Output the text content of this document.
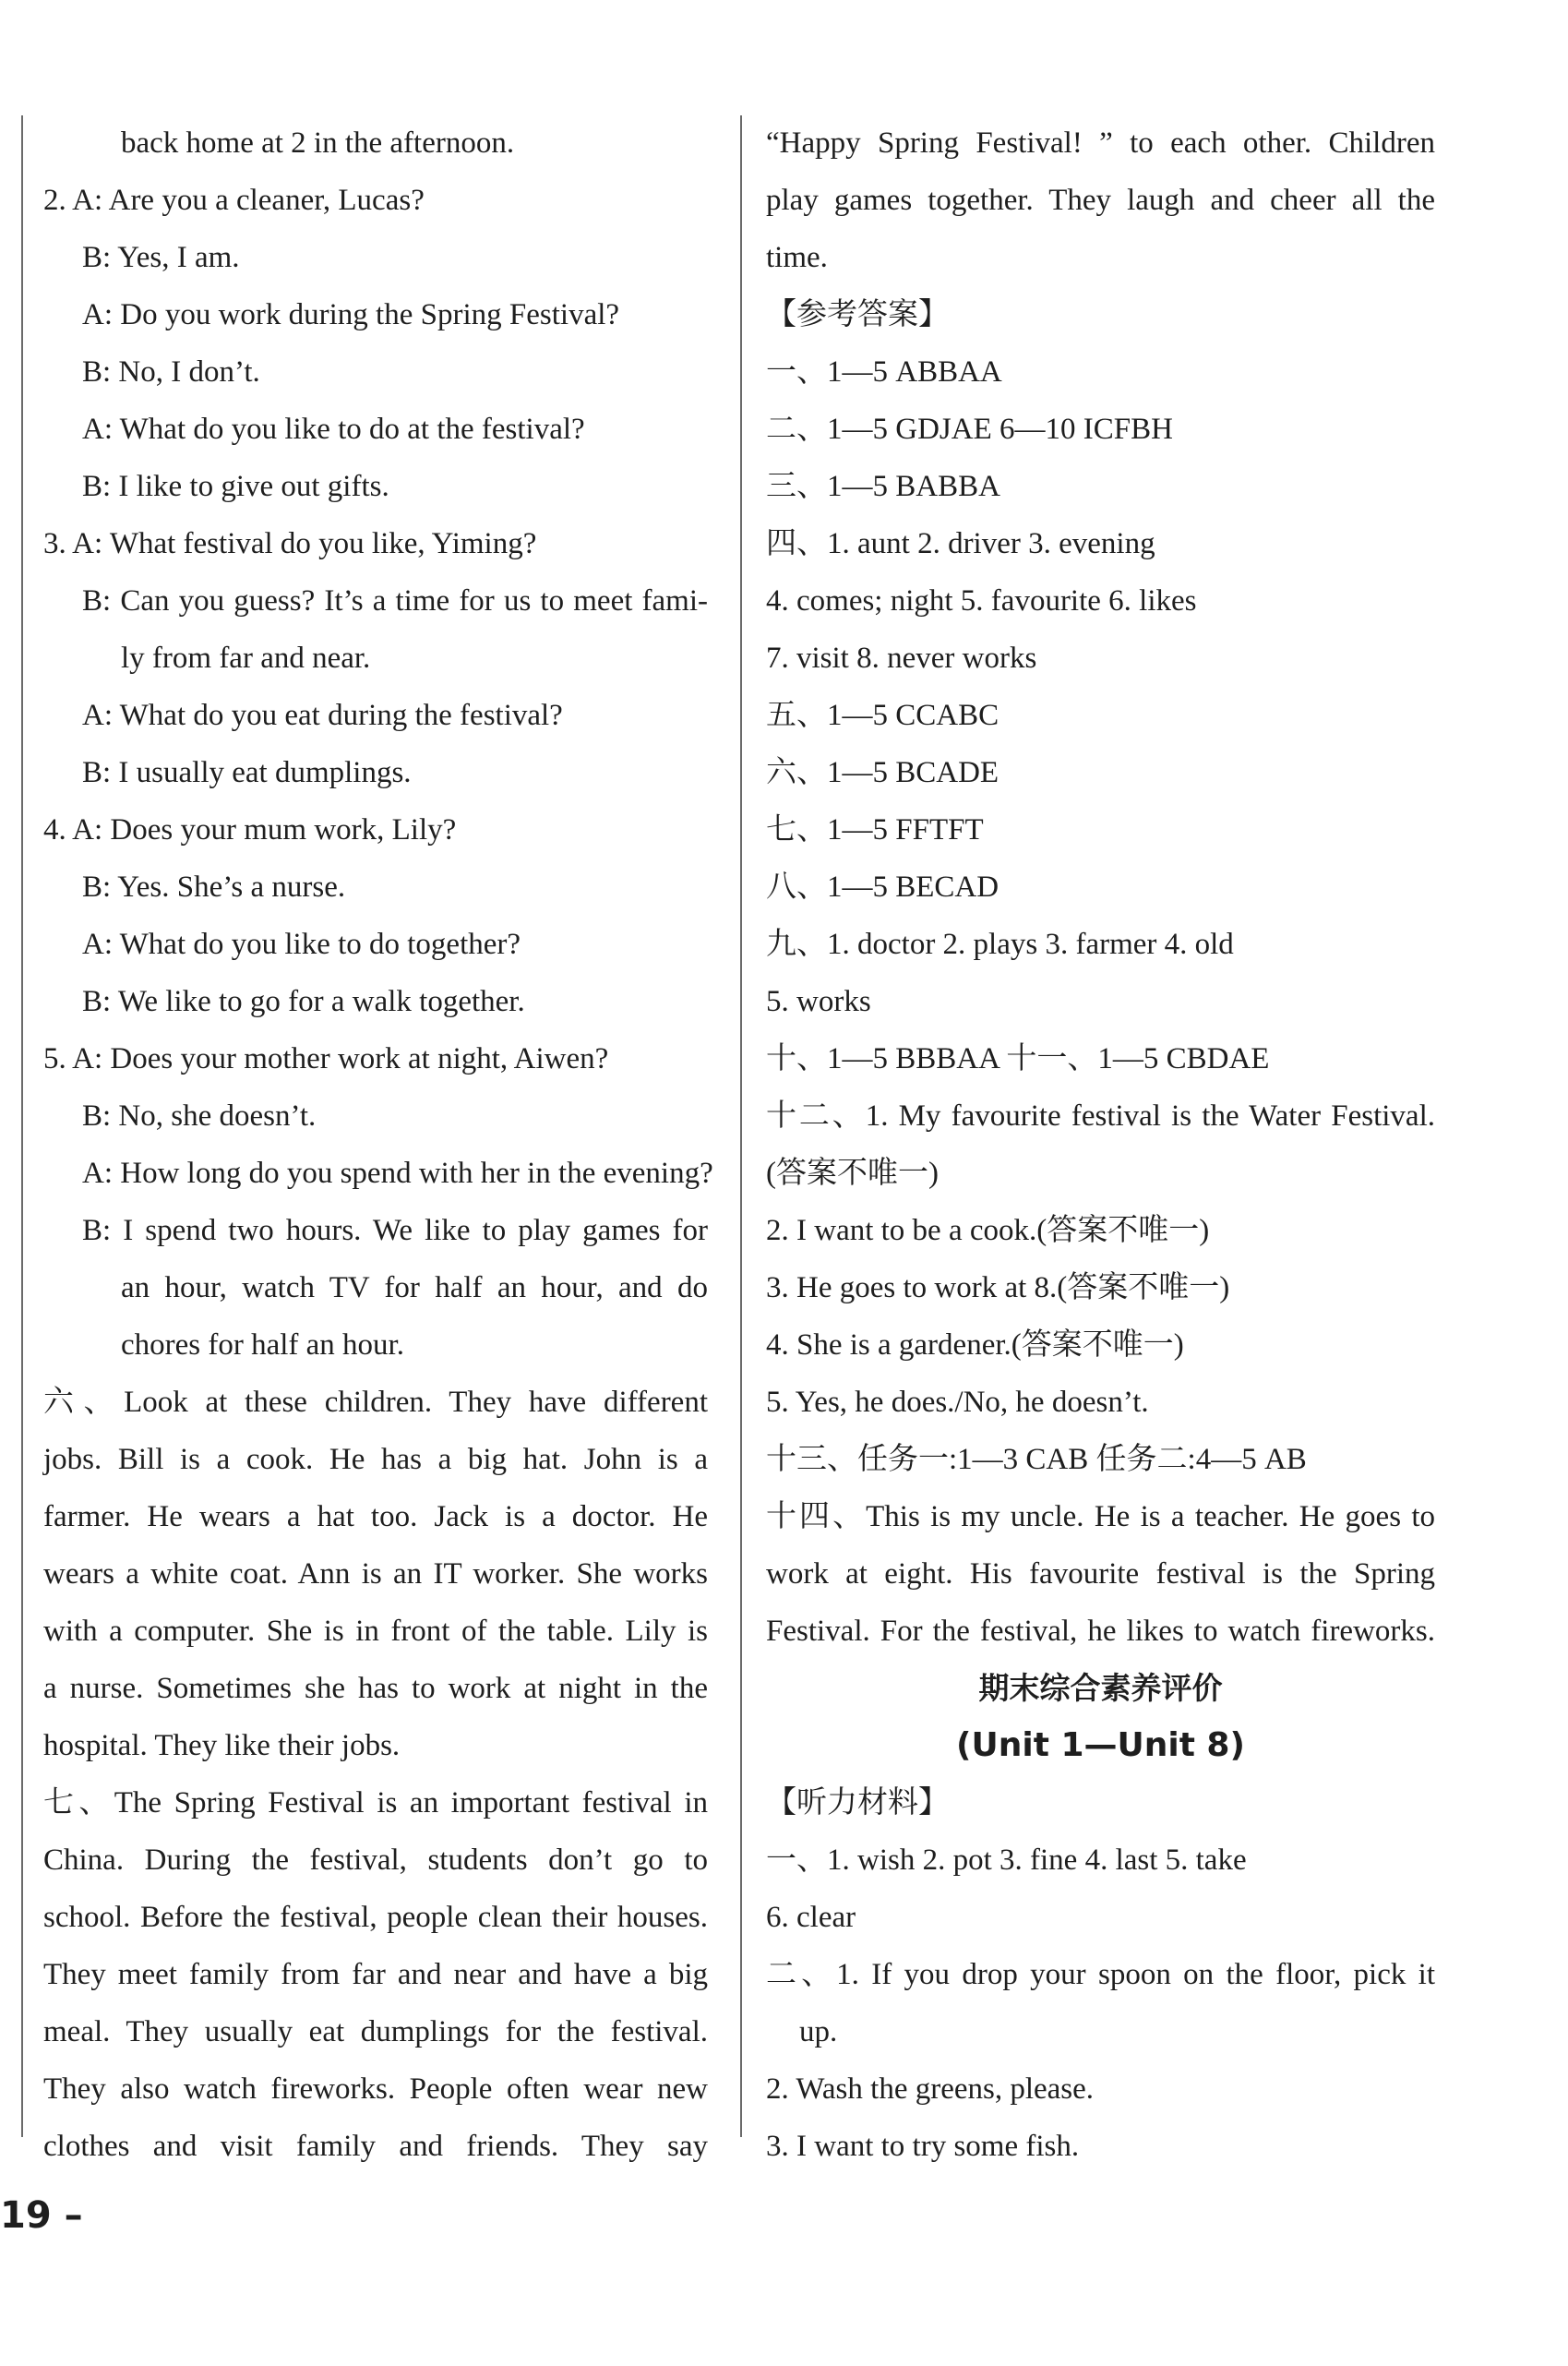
back home at 2 in the afternoon.
2. A: Are you a cleaner, Lucas?
B: Yes, I am.
A: Do you work during the Spring Festival?
B: No, I don’t.
A: What do you like to do at the festival?
B: I like to give out gifts.
3. A: What festival do you like, Yiming?
B: Can you guess? It’s a time for us to meet fami-
ly from far and near.
A: What do you eat during the festival?
B: I usually eat dumplings.
4. A: Does your mum work, Lily?
B: Yes. She’s a nurse.
A: What do you like to do together?
B: We like to go for a walk together.
5. A: Does your mother work at night, Aiwen?
B: No, she doesn’t.
A: How long do you spend with her in the evening?
B: I spend two hours. We like to play games for
an hour, watch TV for half an hour, and do
chores for half an hour.
六、Look at these children. They have different
jobs. Bill is a cook. He has a big hat. John is a
farmer. He wears a hat too. Jack is a doctor. He
wears a white coat. Ann is an IT worker. She works
with a computer. She is in front of the table. Lily is
a nurse. Sometimes she has to work at night in the
hospital. They like their jobs.
七、The Spring Festival is an important festival in
China. During the festival, students don’t go to
school. Before the festival, people clean their houses.
They meet family from far and near and have a big
meal. They usually eat dumplings for the festival.
They also watch fireworks. People often wear new
clothes and visit family and friends. They say
“Happy Spring Festival! ” to each other. Children
play games together. They laugh and cheer all the
time.
【参考答案】
一、1—5 ABBAA
二、1—5 GDJAE 6—10 ICFBH
三、1—5 BABBA
四、1. aunt 2. driver 3. evening
4. comes; night 5. favourite 6. likes
7. visit 8. never works
五、1—5 CCABC
六、1—5 BCADE
七、1—5 FFTFT
八、1—5 BECAD
九、1. doctor 2. plays 3. farmer 4. old
5. works
十、1—5 BBBAA 十一、1—5 CBDAE
十二、1. My favourite festival is the Water Festival.
(答案不唯一)
2. I want to be a cook.(答案不唯一)
3. He goes to work at 8.(答案不唯一)
4. She is a gardener.(答案不唯一)
5. Yes, he does./No, he doesn’t.
十三、任务一:1—3 CAB 任务二:4—5 AB
十四、This is my uncle. He is a teacher. He goes to
work at eight. His favourite festival is the Spring
Festival. For the festival, he likes to watch fireworks.
期末综合素养评价
(Unit 1—Unit 8)
【听力材料】
一、1. wish 2. pot 3. fine 4. last 5. take
6. clear
二、1. If you drop your spoon on the floor, pick it
up.
2. Wash the greens, please.
3. I want to try some fish.
19 –
